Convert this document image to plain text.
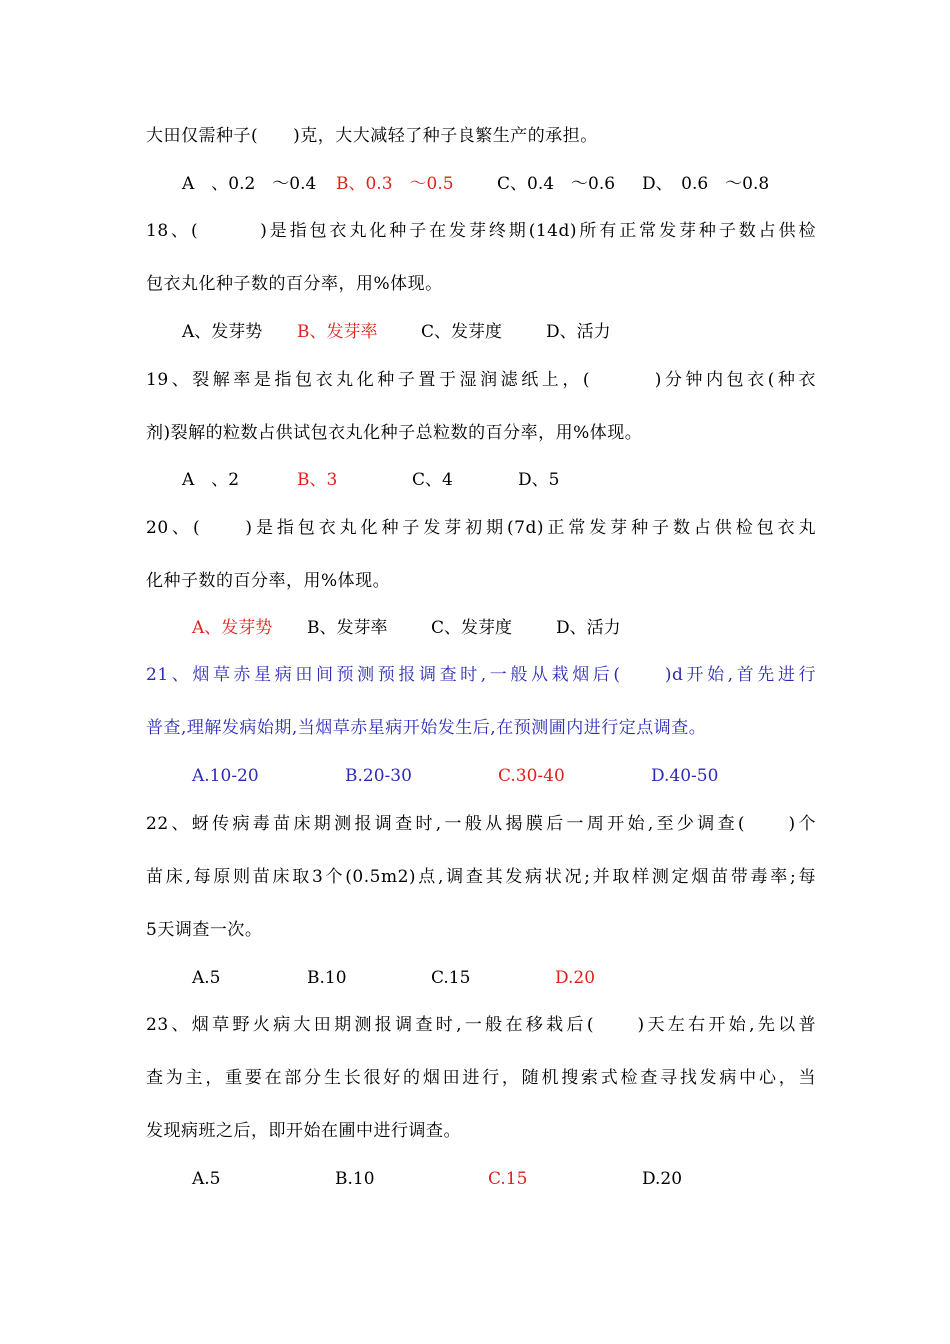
大田仅需种子(　　)克，大大减轻了种子良繁生产的承担。
A　、0.2　～0.4 B、0.3　～0.5	C、0.4　～0.6 D、　0.6　～0.8
18、(　　　)是指包衣丸化种子在发芽终期(14d)所有正常发芽种子数占供检
包衣丸化种子数的百分率，用%体现。
A、发芽势 B、发芽率	C、发芽度	D、活力
19、裂解率是指包衣丸化种子置于湿润滤纸上，(　　　)分钟内包衣(种衣
剂)裂解的粒数占供试包衣丸化种子总粒数的百分率，用%体现。
A　、2	B、3	C、4	D、5
20、(　　)是指包衣丸化种子发芽初期(7d)正常发芽种子数占供检包衣丸
化种子数的百分率，用%体现。
A、发芽势 B、发芽率	C、发芽度	D、活力
21、烟草赤星病田间预测预报调查时,一般从栽烟后(　　)d开始,首先进行
普查,理解发病始期,当烟草赤星病开始发生后,在预测圃内进行定点调查。
A.10-20	B.20-30	C.30-40	D.40-50
22、蚜传病毒苗床期测报调查时,一般从揭膜后一周开始,至少调查(　　)个
苗床,每原则苗床取3个(0.5m2)点,调查其发病状况;并取样测定烟苗带毒率;每
5天调查一次。
A.5	B.10	C.15	D.20
23、烟草野火病大田期测报调查时,一般在移栽后(　　)天左右开始,先以普
查为主，重要在部分生长很好的烟田进行，随机搜索式检查寻找发病中心，当
发现病班之后，即开始在圃中进行调查。
A.5	B.10	C.15	D.20
